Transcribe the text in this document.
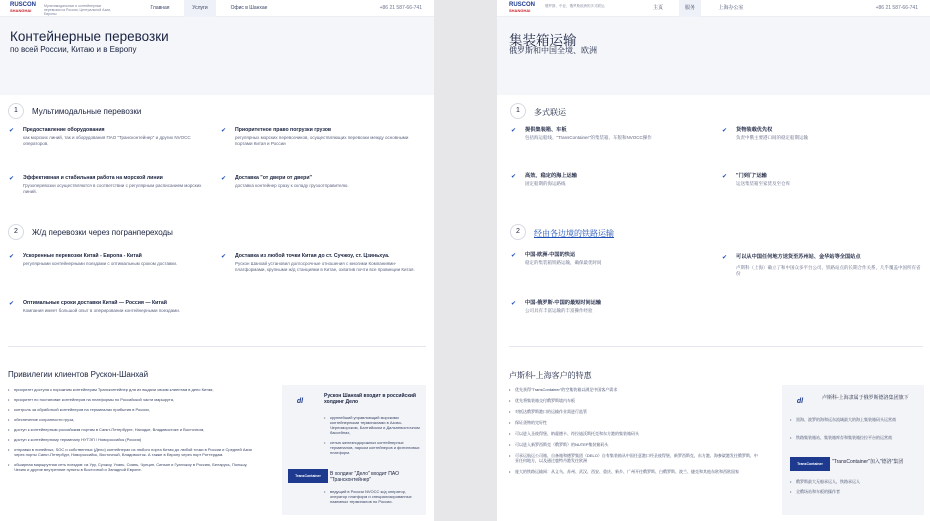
RUSCON
SHANGHAI
Мультимодальные и контейнерные перевозки из России, Центральной Азии, Европы
Главная	Услуги	Офис в Шанхае	+86 21 587-66-741
Контейнерные перевозки

по всей России, Китаю и в Европу

1	Мультимодальные перевозки
✔ Предоставление оборудования
как морских линий, так и оборудования ПАО "Трансконтейнер" и других NVOCC операторов.
✔ Приоритетное право погрузки грузов
регулярных морских перевозчиков, осуществляющих перевозки между основными портами Китая и России
✔ Эффективная и стабильная работа на морской линии
Грузоперевозки осуществляются в соответствии с регулярным расписанием морских линий.
✔ Доставка "от двери от двери"
доставка контейнер сразу к складу грузоотправителю.
2	Ж/д перевозки через погранпереходы
✔ Ускоренные перевозки Китай - Европа - Китай
регулярными контейнерными поездами с оптимальным сроком доставки.
✔ Доставка из любой точки Китая до ст. Сучжоу, ст. Цзиньхуа.
Рускон Шанхай установил долгосрочные отношения с многими Компаниями-платформами, крупными ж/д станциями в Китае, охватив почти все провинции Китая.
✔ Оптимальные сроки доставки Китай — Россия — Китай
Компания имеет большой опыт в оперировании контейнерными поездами.
Привилегии клиентов Рускон-Шанхай
• приоритет доступа к порожним контейнерам Трансконтейнер для их выдачи своим клиентам в депо Китая;
• приоритет по постановке контейнеров на платформы по Российской части маршрута,
• контроль за обработкой контейнеров на терминалах прибытия в России,
• обеспечение сохранности груза,
• доступ к контейнерным российским портам в Санкт-Петербурге, Находке, Владивостоке и Восточном,
• доступ к контейнерному терминалу НУТЭП / Новороссийск (Россия)
• отправки в линейных, SOC и собственных (Дело) контейнерах из любого порта Китая до любой точки в России и Средней Азии через порты Санкт-Петербург, Новороссийск, Восточный, Владивосток. А также в Европу через порт Роттердам.
• обширная маршрутная сеть поездов: из Уру, Сучжоу, Ухань, Сиань, Чунцин, Синьян и Гуанчжоу в Россию, Беларусь, Польшу, Чехию и другие внутренние пункты в Восточной и Западной Европе.
dl
Рускон Шанхай входит в российский холдинг Дело
• крупнейший управляющий морскими контейнерными терминалами в Азово-Черноморском, Балтийском и Дальневосточном бассейнах,
• сетью железнодорожных контейнерных терминалов, парком контейнеров и фитинговых платформ.
TransContainer	В холдинг "Дело" входит ПАО "Трансконтейнер"
• ведущий в России NVOCC ж/д оператор, оператор платформ и специализированных наземных терминалов по России.
RUSCON
SHANGHAI
俄罗斯、中亚、俄罗斯欧洲的多式联运	主页	服务	上海办公室	+86 21 587-66-741
集装箱运输

俄罗斯和中国全境、欧洲

1	多式联运
✔ 提供集装箱、车板
包括海运船线、"TransContainer"的集装箱、车版和NVOCC操作
✔ 货物装载优先权
负责中俄主要港口间的稳定船期运输
✔ 高效、稳定的海上运输
固定船期的海运路线
✔ "门到门"运输
运送集装箱至家货及至仓库
2	经由各边境的铁路运输
✔ 中国-欧洲-中国的快运
稳定的集装箱铁路运输，确保最优时间
✔ 可以从中国任何地方送货至苏州站、金华站等全国站点
卢斯科（上海）确立了和中国众多平台公司、铁路站点的长期合作关系，几乎覆盖中国所有省份
✔ 中国-俄罗斯-中国的最短时间运输
公司具有丰富运输的丰富操作经验
卢斯科-上海客户的特惠
• 优先获得"TransContainer"的空集装箱以满足中国客户需求
• 优先将集装箱交付俄罗斯境内车板
• 对抵达俄罗斯港口的运输作业需进行监管
• 保证货物的完好性
• 可以进入圣彼得堡、纳霍德卡、符拉迪沃斯托克和东方港的集装箱码头
• 可以进入新罗西斯克（俄罗斯）的NUTEP集装箱码头
• 可承运航运公司箱、自备箱和德罗集团（DELO）自有集装箱从中国任意港口经圣彼得堡、新罗西斯克、东方港、海参崴港发往俄罗斯、中亚任何地方，以及通过鹿特丹港发往欧洲
• 庞大的铁路运输网：从义乌、苏州、武汉、西安、重庆、新乡、广州开往俄罗斯、白俄罗斯、波兰、捷克和其他东欧和西欧国家
dl	卢斯科-上海隶属于俄罗斯德洛集团旗下
• 黑海、波罗的海和远东流域最大的海上集装箱码头运营商
• 铁路集装箱站、集装箱库存和集装箱拉拉平台的运营商
TransContainer	"TransContainer"加入"德洛"集团
• 俄罗斯最大无船承运人，铁路承运人
• 全俄场站和车板的操作者
